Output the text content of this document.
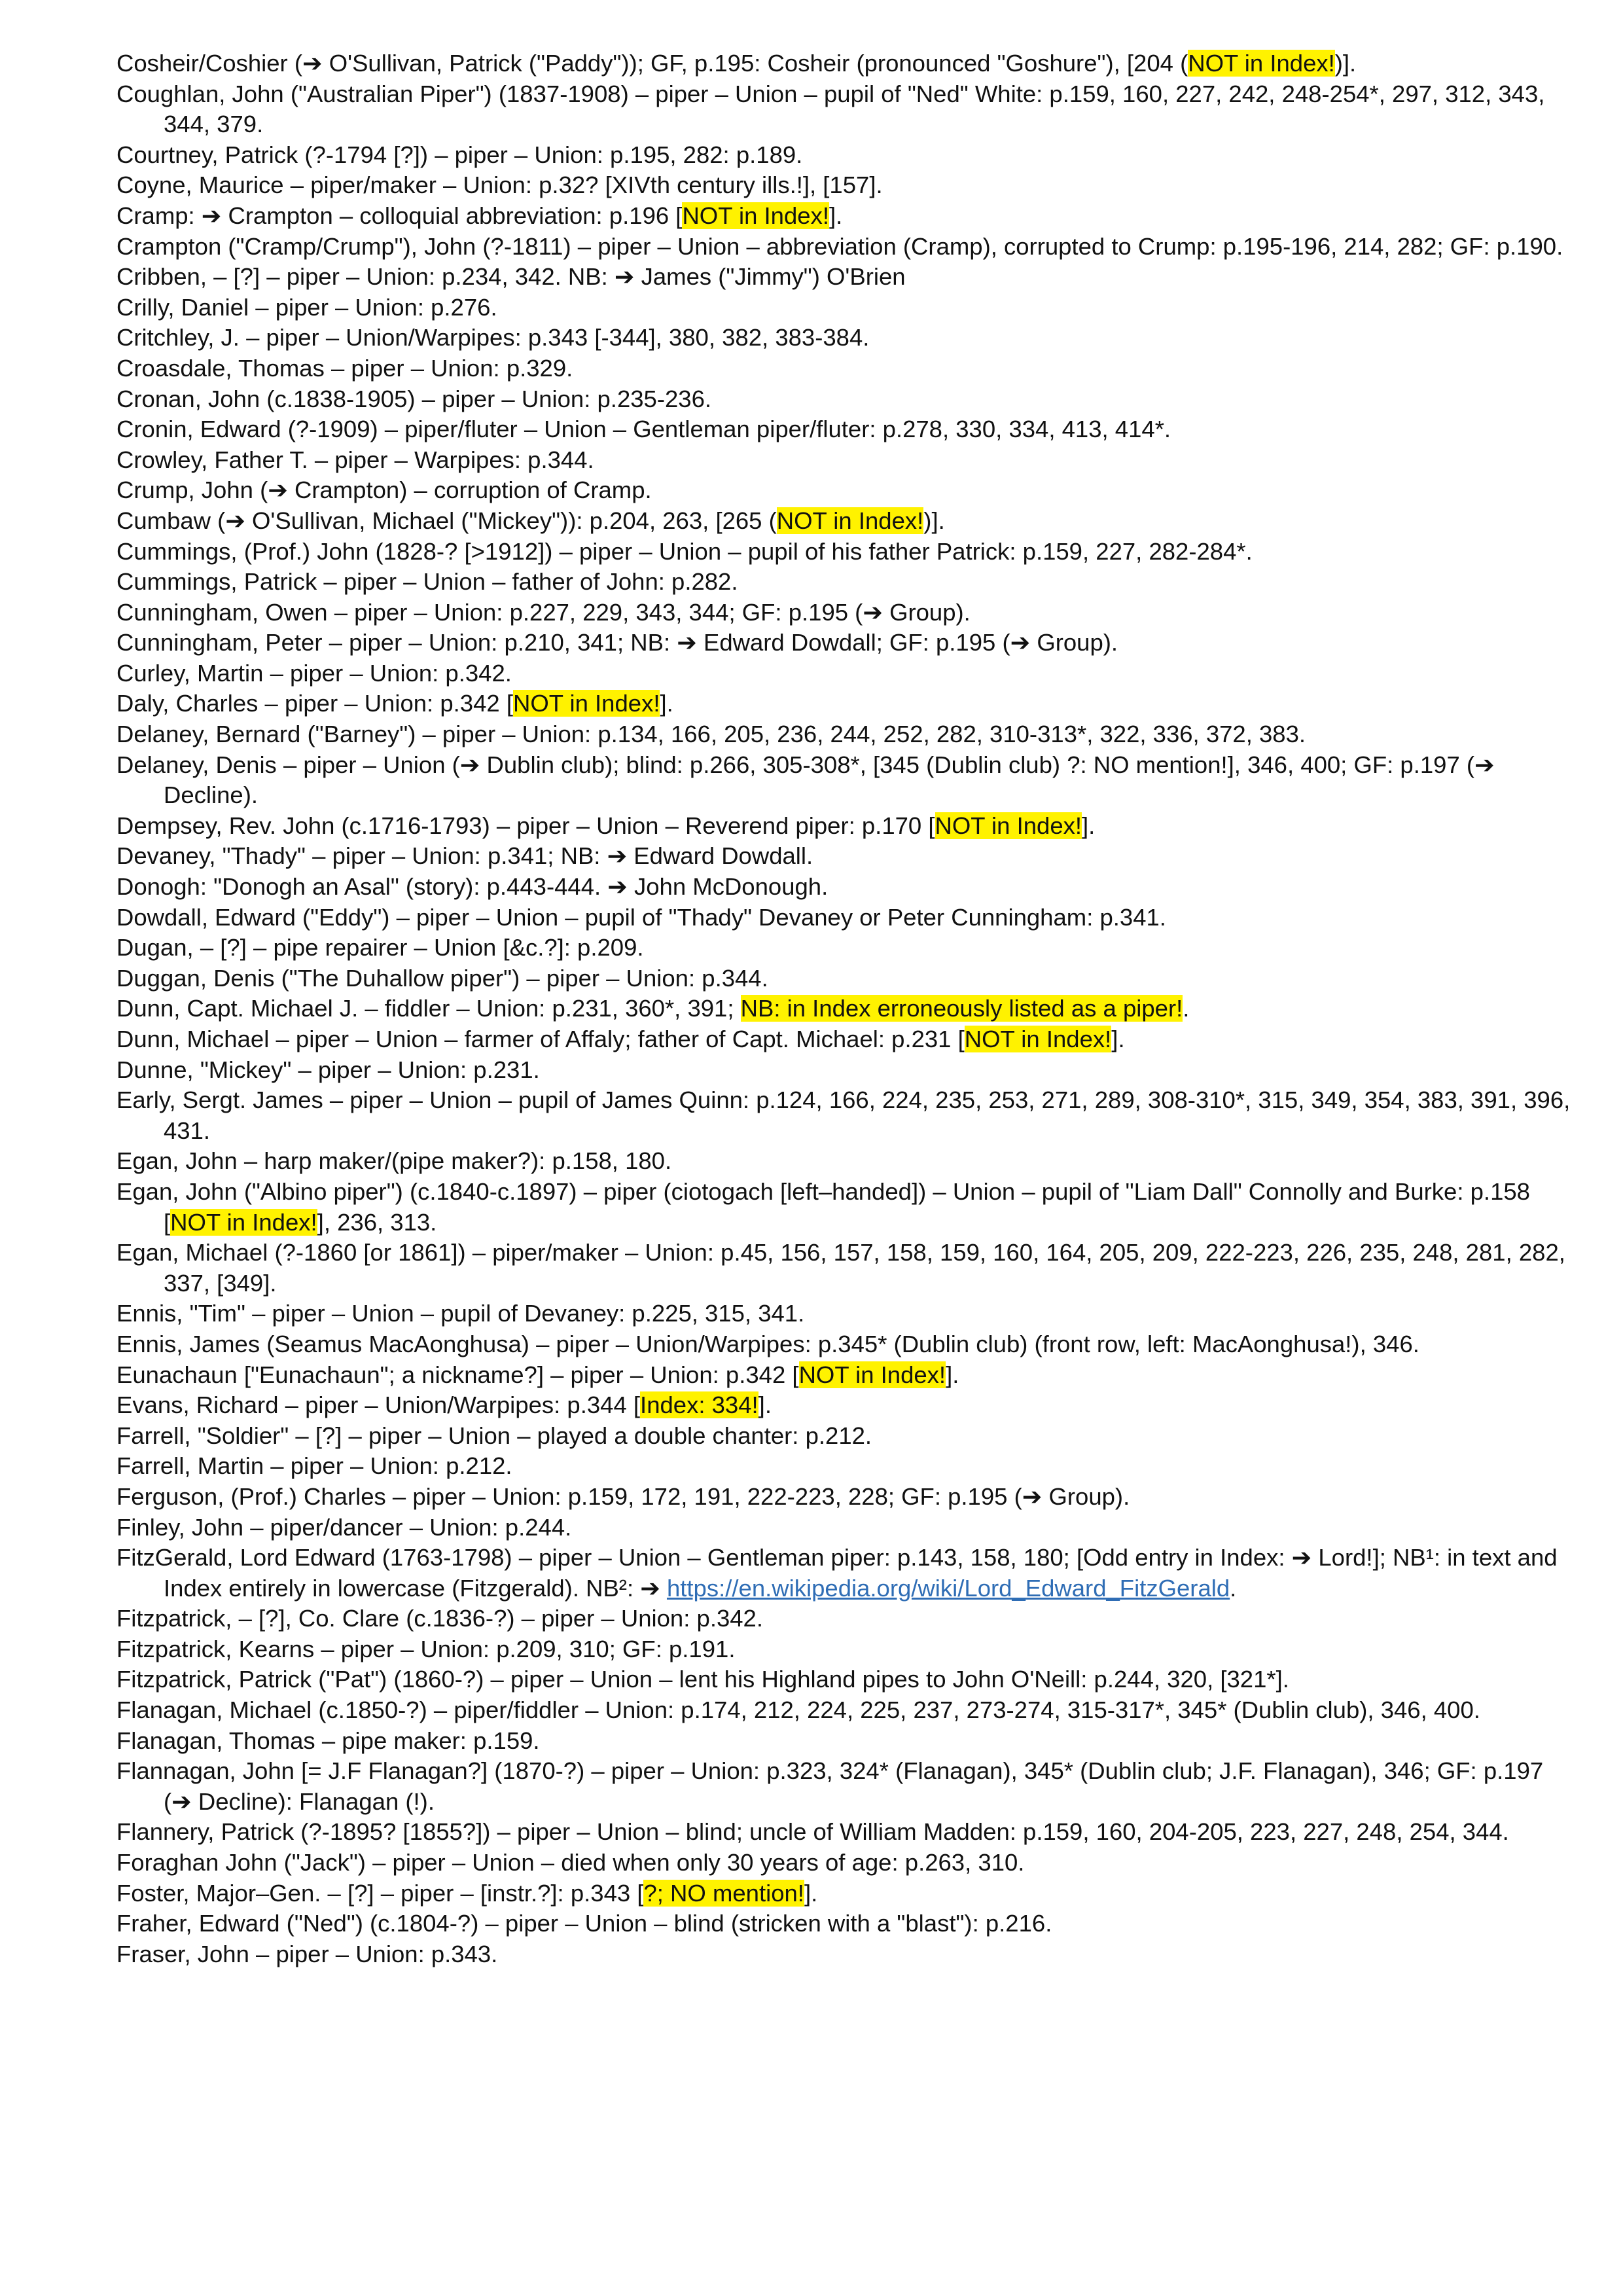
Cosheir/Coshier (➔ O'Sullivan, Patrick ("Paddy")); GF, p.195: Cosheir (pronounced "Goshure"), [204 (NOT in Index!)].

Coughlan, John ("Australian Piper") (1837-1908) – piper – Union – pupil of "Ned" White: p.159, 160, 227, 242, 248-254*, 297, 312, 343, 344, 379.

Courtney, Patrick (?-1794 [?]) – piper – Union: p.195, 282: p.189.

Coyne, Maurice – piper/maker – Union: p.32? [XIVth century ills.!], [157].

Cramp: ➔ Crampton – colloquial abbreviation: p.196 [NOT in Index!].

Crampton ("Cramp/Crump"), John (?-1811) – piper – Union – abbreviation (Cramp), corrupted to Crump: p.195-196, 214, 282; GF: p.190.

Cribben, – [?] – piper – Union: p.234, 342. NB: ➔ James ("Jimmy") O'Brien

Crilly, Daniel – piper – Union: p.276.

Critchley, J. – piper – Union/Warpipes: p.343 [-344], 380, 382, 383-384.

Croasdale, Thomas – piper – Union: p.329.

Cronan, John (c.1838-1905) – piper – Union: p.235-236.

Cronin, Edward (?-1909) – piper/fluter – Union – Gentleman piper/fluter: p.278, 330, 334, 413, 414*.

Crowley, Father T. – piper – Warpipes: p.344.

Crump, John (➔ Crampton) – corruption of Cramp.

Cumbaw (➔ O'Sullivan, Michael ("Mickey")): p.204, 263, [265 (NOT in Index!)].

Cummings, (Prof.) John (1828-? [>1912]) – piper – Union – pupil of his father Patrick: p.159, 227, 282-284*.

Cummings, Patrick – piper – Union – father of John: p.282.

Cunningham, Owen – piper – Union: p.227, 229, 343, 344; GF: p.195 (➔ Group).

Cunningham, Peter – piper – Union: p.210, 341; NB: ➔ Edward Dowdall; GF: p.195 (➔ Group).

Curley, Martin – piper – Union: p.342.

Daly, Charles – piper – Union: p.342 [NOT in Index!].

Delaney, Bernard ("Barney") – piper – Union: p.134, 166, 205, 236, 244, 252, 282, 310-313*, 322, 336, 372, 383.

Delaney, Denis – piper – Union (➔ Dublin club); blind: p.266, 305-308*, [345 (Dublin club) ?: NO mention!], 346, 400; GF: p.197 (➔ Decline).

Dempsey, Rev. John (c.1716-1793) – piper – Union – Reverend piper: p.170 [NOT in Index!].

Devaney, "Thady" – piper – Union: p.341; NB: ➔ Edward Dowdall.

Donogh: "Donogh an Asal" (story): p.443-444. ➔ John McDonough.

Dowdall, Edward ("Eddy") – piper – Union – pupil of "Thady" Devaney or Peter Cunningham: p.341.

Dugan, – [?] – pipe repairer – Union [&c.?]: p.209.

Duggan, Denis ("The Duhallow piper") – piper – Union: p.344.

Dunn, Capt. Michael J. – fiddler – Union: p.231, 360*, 391; NB: in Index erroneously listed as a piper!.

Dunn, Michael – piper – Union – farmer of Affaly; father of Capt. Michael: p.231 [NOT in Index!].

Dunne, "Mickey" – piper – Union: p.231.

Early, Sergt. James – piper – Union – pupil of James Quinn: p.124, 166, 224, 235, 253, 271, 289, 308-310*, 315, 349, 354, 383, 391, 396, 431.

Egan, John – harp maker/(pipe maker?): p.158, 180.

Egan, John ("Albino piper") (c.1840-c.1897) – piper (ciotogach [left–handed]) – Union – pupil of "Liam Dall" Connolly and Burke: p.158 [NOT in Index!], 236, 313.

Egan, Michael (?-1860 [or 1861]) – piper/maker – Union: p.45, 156, 157, 158, 159, 160, 164, 205, 209, 222-223, 226, 235, 248, 281, 282, 337, [349].

Ennis, "Tim" – piper – Union – pupil of Devaney: p.225, 315, 341.

Ennis, James (Seamus MacAonghusa) – piper – Union/Warpipes: p.345* (Dublin club) (front row, left: MacAonghusa!), 346.

Eunachaun ["Eunachaun"; a nickname?] – piper – Union: p.342 [NOT in Index!].

Evans, Richard – piper – Union/Warpipes: p.344 [Index: 334!].

Farrell, "Soldier" – [?] – piper – Union – played a double chanter: p.212.

Farrell, Martin – piper – Union: p.212.

Ferguson, (Prof.) Charles – piper – Union: p.159, 172, 191, 222-223, 228; GF: p.195 (➔ Group).

Finley, John – piper/dancer – Union: p.244.

FitzGerald, Lord Edward (1763-1798) – piper – Union – Gentleman piper: p.143, 158, 180; [Odd entry in Index: ➔ Lord!]; NB¹: in text and Index entirely in lowercase (Fitzgerald). NB²: ➔ https://en.wikipedia.org/wiki/Lord_Edward_FitzGerald.

Fitzpatrick, – [?], Co. Clare (c.1836-?) – piper – Union: p.342.

Fitzpatrick, Kearns – piper – Union: p.209, 310; GF: p.191.

Fitzpatrick, Patrick ("Pat") (1860-?) – piper – Union – lent his Highland pipes to John O'Neill: p.244, 320, [321*].

Flanagan, Michael (c.1850-?) – piper/fiddler – Union: p.174, 212, 224, 225, 237, 273-274, 315-317*, 345* (Dublin club), 346, 400.

Flanagan, Thomas – pipe maker: p.159.

Flannagan, John [= J.F Flanagan?] (1870-?) – piper – Union: p.323, 324* (Flanagan), 345* (Dublin club; J.F. Flanagan), 346; GF: p.197 (➔ Decline): Flanagan (!).

Flannery, Patrick (?-1895? [1855?]) – piper – Union – blind; uncle of William Madden: p.159, 160, 204-205, 223, 227, 248, 254, 344.

Foraghan John ("Jack") – piper – Union – died when only 30 years of age: p.263, 310.

Foster, Major–Gen. – [?] – piper – [instr.?]: p.343 [?; NO mention!].

Fraher, Edward ("Ned") (c.1804-?) – piper – Union – blind (stricken with a "blast"): p.216.

Fraser, John – piper – Union: p.343.
